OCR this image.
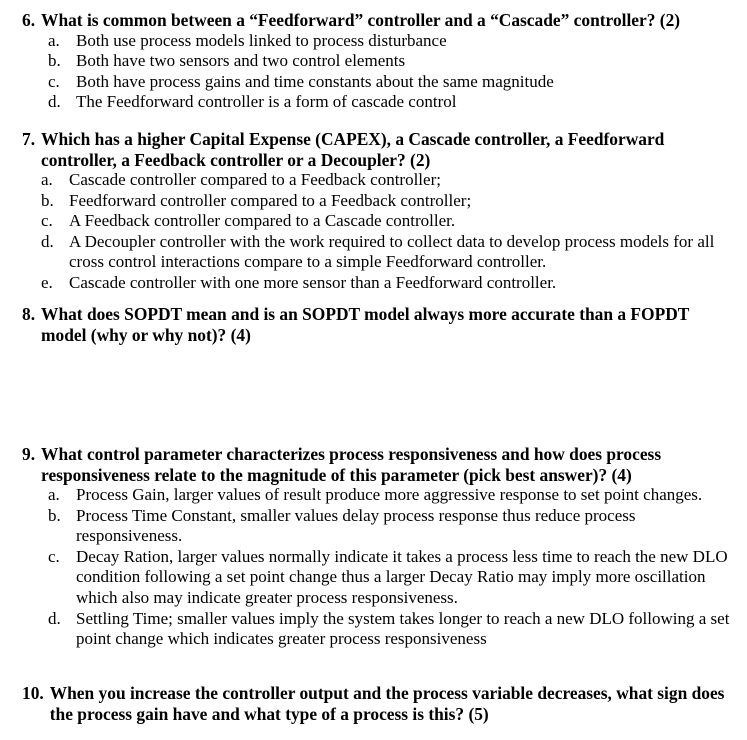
6. What is common between a “Feedforward” controller and a “Cascade” controller? (2)
a. Both use process models linked to process disturbance
b. Both have two sensors and two control elements
c. Both have process gains and time constants about the same magnitude
d. The Feedforward controller is a form of cascade control
7. Which has a higher Capital Expense (CAPEX), a Cascade controller, a Feedforward controller, a Feedback controller or a Decoupler? (2)
a. Cascade controller compared to a Feedback controller;
b. Feedforward controller compared to a Feedback controller;
c. A Feedback controller compared to a Cascade controller.
d. A Decoupler controller with the work required to collect data to develop process models for all cross control interactions compare to a simple Feedforward controller.
e. Cascade controller with one more sensor than a Feedforward controller.
8. What does SOPDT mean and is an SOPDT model always more accurate than a FOPDT model (why or why not)? (4)
9. What control parameter characterizes process responsiveness and how does process responsiveness relate to the magnitude of this parameter (pick best answer)? (4)
a. Process Gain, larger values of result produce more aggressive response to set point changes.
b. Process Time Constant, smaller values delay process response thus reduce process responsiveness.
c. Decay Ration, larger values normally indicate it takes a process less time to reach the new DLO condition following a set point change thus a larger Decay Ratio may imply more oscillation which also may indicate greater process responsiveness.
d. Settling Time; smaller values imply the system takes longer to reach a new DLO following a set point change which indicates greater process responsiveness
10. When you increase the controller output and the process variable decreases, what sign does the process gain have and what type of a process is this? (5)
